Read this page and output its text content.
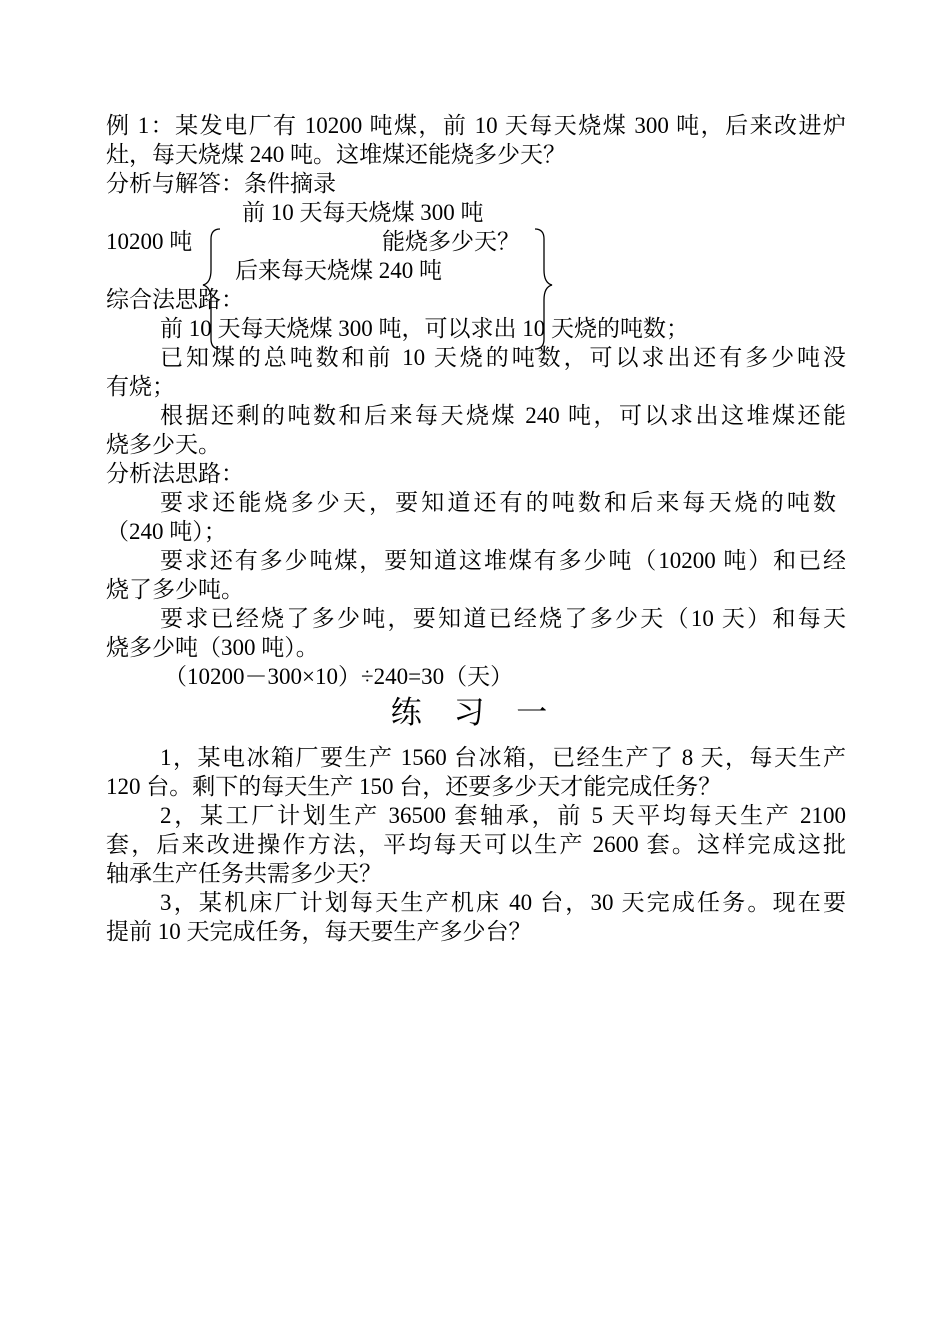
例 1：某发电厂有 10200 吨煤，前 10 天每天烧煤 300 吨，后来改进炉
灶，每天烧煤 240 吨。这堆煤还能烧多少天？
分析与解答：条件摘录
前 10 天每天烧煤 300 吨
10200 吨	能烧多少天？
后来每天烧煤 240 吨
综合法思路：
前 10 天每天烧煤 300 吨，可以求出 10 天烧的吨数；
已知煤的总吨数和前 10 天烧的吨数，可以求出还有多少吨没
有烧；
根据还剩的吨数和后来每天烧煤 240 吨，可以求出这堆煤还能
烧多少天。
分析法思路：
要求还能烧多少天，要知道还有的吨数和后来每天烧的吨数
（240 吨）；
要求还有多少吨煤，要知道这堆煤有多少吨（10200 吨）和已经
烧了多少吨。
要求已经烧了多少吨，要知道已经烧了多少天（10 天）和每天
烧多少吨（300 吨）。
（10200－300×10）÷240=30（天）
练 习 一
1，某电冰箱厂要生产 1560 台冰箱，已经生产了 8 天，每天生产
120 台。剩下的每天生产 150 台，还要多少天才能完成任务？
2，某工厂计划生产 36500 套轴承，前 5 天平均每天生产 2100
套，后来改进操作方法，平均每天可以生产 2600 套。这样完成这批
轴承生产任务共需多少天？
3，某机床厂计划每天生产机床 40 台，30 天完成任务。现在要
提前 10 天完成任务，每天要生产多少台？
